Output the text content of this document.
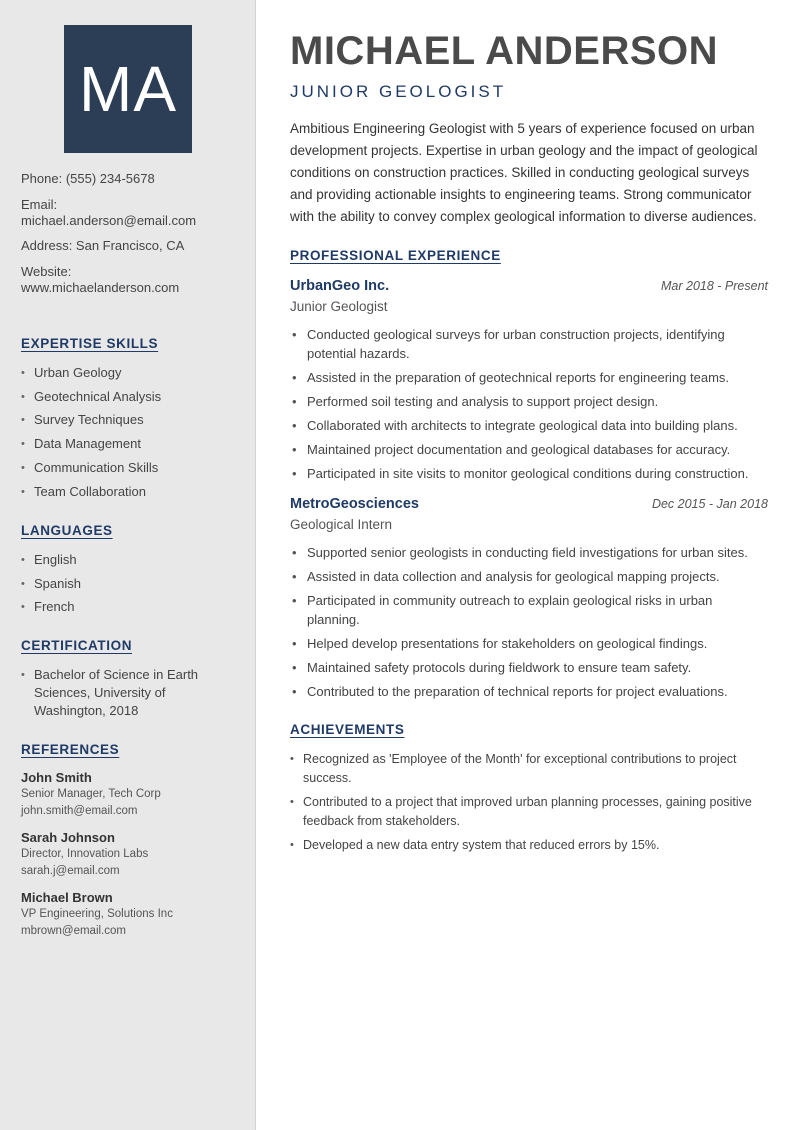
MA
Phone: (555) 234-5678
Email: michael.anderson@email.com
Address: San Francisco, CA
Website: www.michaelanderson.com
EXPERTISE SKILLS
• Urban Geology
• Geotechnical Analysis
• Survey Techniques
• Data Management
• Communication Skills
• Team Collaboration
LANGUAGES
• English
• Spanish
• French
CERTIFICATION
• Bachelor of Science in Earth Sciences, University of Washington, 2018
REFERENCES
John Smith
Senior Manager, Tech Corp
john.smith@email.com
Sarah Johnson
Director, Innovation Labs
sarah.j@email.com
Michael Brown
VP Engineering, Solutions Inc
mbrown@email.com
MICHAEL ANDERSON
JUNIOR GEOLOGIST

Ambitious Engineering Geologist with 5 years of experience focused on urban development projects. Expertise in urban geology and the impact of geological conditions on construction practices. Skilled in conducting geological surveys and providing actionable insights to engineering teams. Strong communicator with the ability to convey complex geological information to diverse audiences.

PROFESSIONAL EXPERIENCE
UrbanGeo Inc.	Mar 2018 - Present
Junior Geologist
• Conducted geological surveys for urban construction projects, identifying potential hazards.
• Assisted in the preparation of geotechnical reports for engineering teams.
• Performed soil testing and analysis to support project design.
• Collaborated with architects to integrate geological data into building plans.
• Maintained project documentation and geological databases for accuracy.
• Participated in site visits to monitor geological conditions during construction.
MetroGeosciences	Dec 2015 - Jan 2018
Geological Intern
• Supported senior geologists in conducting field investigations for urban sites.
• Assisted in data collection and analysis for geological mapping projects.
• Participated in community outreach to explain geological risks in urban planning.
• Helped develop presentations for stakeholders on geological findings.
• Maintained safety protocols during fieldwork to ensure team safety.
• Contributed to the preparation of technical reports for project evaluations.
ACHIEVEMENTS
• Recognized as 'Employee of the Month' for exceptional contributions to project success.
• Contributed to a project that improved urban planning processes, gaining positive feedback from stakeholders.
• Developed a new data entry system that reduced errors by 15%.
